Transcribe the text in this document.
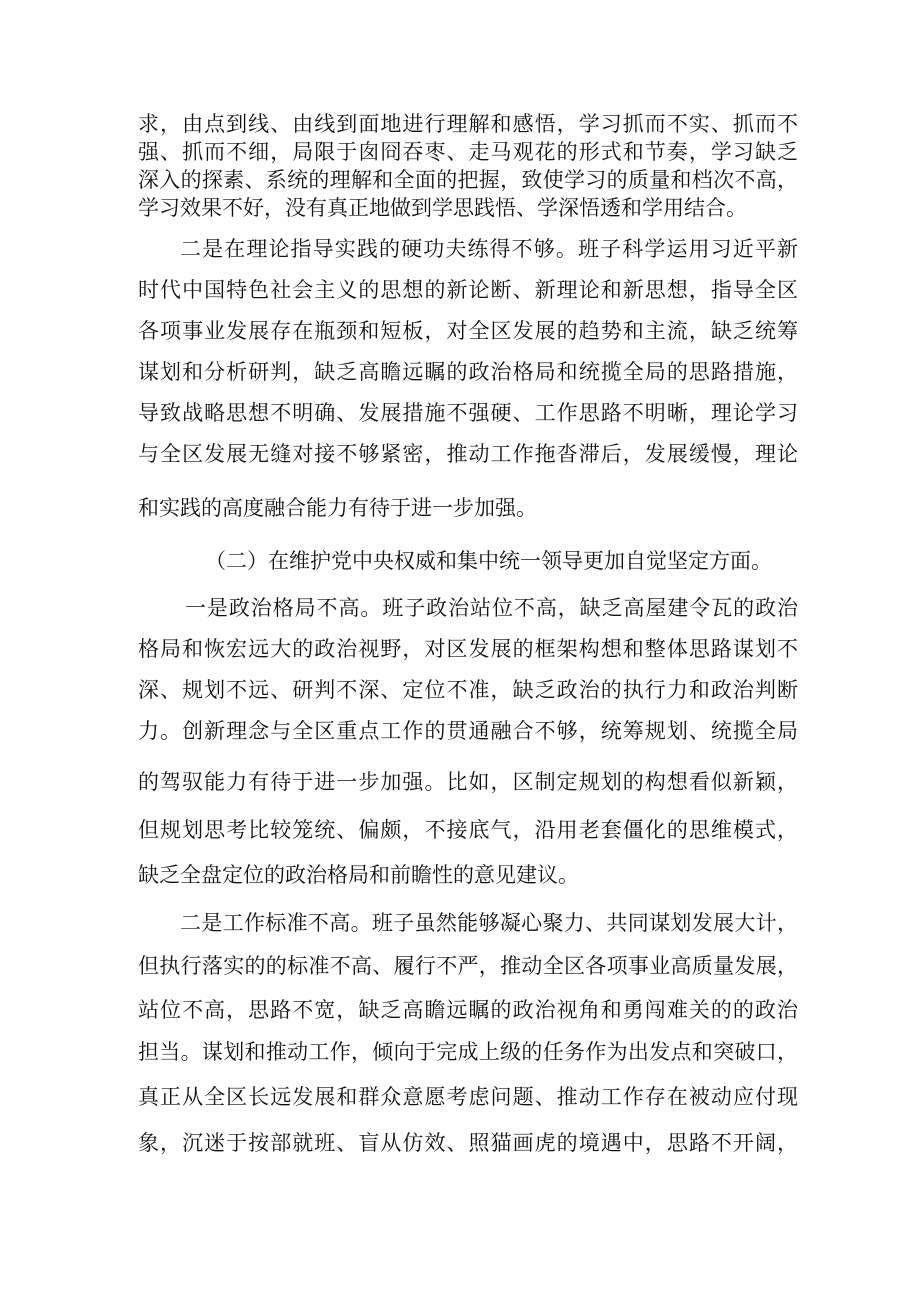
求，由点到线、由线到面地进行理解和感悟，学习抓而不实、抓而不
强、抓而不细，局限于囱冏吞枣、走马观花的形式和节奏，学习缺乏
深入的探素、系统的理解和全面的把握，致使学习的质量和档次不高，
学习效果不好，没有真正地做到学思践悟、学深悟透和学用结合。
二是在理论指导实践的硬功夫练得不够。班子科学运用习近平新
时代中国特色社会主义的思想的新论断、新理论和新思想，指导全区
各项事业发展存在瓶颈和短板，对全区发展的趋势和主流，缺乏统筹
谋划和分析研判，缺乏高瞻远瞩的政治格局和统揽全局的思路措施，
导致战略思想不明确、发展措施不强硬、工作思路不明晰，理论学习
与全区发展无缝对接不够紧密，推动工作拖沓滞后，发展缓慢，理论
和实践的高度融合能力有待于进一步加强。
（二）在维护党中央权威和集中统一领导更加自觉坚定方面。
一是政治格局不高。班子政治站位不高，缺乏高屋建令瓦的政治
格局和恢宏远大的政治视野，对区发展的框架构想和整体思路谋划不
深、规划不远、研判不深、定位不准，缺乏政治的执行力和政治判断
力。创新理念与全区重点工作的贯通融合不够，统筹规划、统揽全局
的驾驭能力有待于进一步加强。比如，区制定规划的构想看似新颖，
但规划思考比较笼统、偏颇，不接底气，沿用老套僵化的思维模式，
缺乏全盘定位的政治格局和前瞻性的意见建议。
二是工作标准不高。班子虽然能够凝心聚力、共同谋划发展大计，
但执行落实的的标准不高、履行不严，推动全区各项事业高质量发展，
站位不高，思路不宽，缺乏高瞻远瞩的政治视角和勇闯难关的的政治
担当。谋划和推动工作，倾向于完成上级的任务作为出发点和突破口，
真正从全区长远发展和群众意愿考虑问题、推动工作存在被动应付现
象，沉迷于按部就班、盲从仿效、照猫画虎的境遇中，思路不开阔，
